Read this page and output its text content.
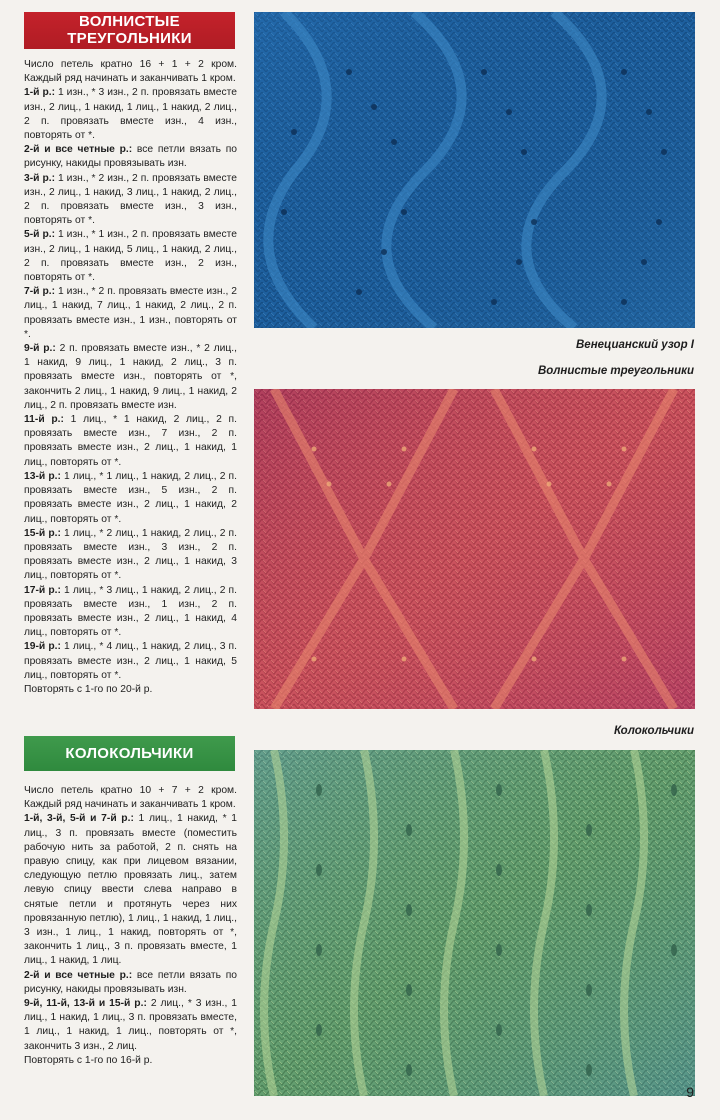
ВОЛНИСТЫЕ
ТРЕУГОЛЬНИКИ

Число петель кратно 16 + 1 + 2 кром. Каждый ряд начинать и заканчивать 1 кром.

1-й р.: 1 изн., * 3 изн., 2 п. провязать вместе изн., 2 лиц., 1 накид, 1 лиц., 1 накид, 2 лиц., 2 п. провязать вместе изн., 4 изн., повторять от *.

2-й и все четные р.: все петли вязать по рисунку, накиды провязывать изн.

3-й р.: 1 изн., * 2 изн., 2 п. провязать вместе изн., 2 лиц., 1 накид, 3 лиц., 1 накид, 2 лиц., 2 п. провязать вместе изн., 3 изн., повторять от *.

5-й р.: 1 изн., * 1 изн., 2 п. провязать вместе изн., 2 лиц., 1 накид, 5 лиц., 1 накид, 2 лиц., 2 п. провязать вместе изн., 2 изн., повторять от *.

7-й р.: 1 изн., * 2 п. провязать вместе изн., 2 лиц., 1 накид, 7 лиц., 1 накид, 2 лиц., 2 п. провязать вместе изн., 1 изн., повторять от *.

9-й р.: 2 п. провязать вместе изн., * 2 лиц., 1 накид, 9 лиц., 1 накид, 2 лиц., 3 п. провязать вместе изн., повторять от *, закончить 2 лиц., 1 накид, 9 лиц., 1 накид, 2 лиц., 2 п. провязать вместе изн.

11-й р.: 1 лиц., * 1 накид, 2 лиц., 2 п. провязать вместе изн., 7 изн., 2 п. провязать вместе изн., 2 лиц., 1 накид, 1 лиц., повторять от *.

13-й р.: 1 лиц., * 1 лиц., 1 накид, 2 лиц., 2 п. провязать вместе изн., 5 изн., 2 п. провязать вместе изн., 2 лиц., 1 накид, 2 лиц., повторять от *.

15-й р.: 1 лиц., * 2 лиц., 1 накид, 2 лиц., 2 п. провязать вместе изн., 3 изн., 2 п. провязать вместе изн., 2 лиц., 1 накид, 3 лиц., повторять от *.

17-й р.: 1 лиц., * 3 лиц., 1 накид, 2 лиц., 2 п. провязать вместе изн., 1 изн., 2 п. провязать вместе изн., 2 лиц., 1 накид, 4 лиц., повторять от *.

19-й р.: 1 лиц., * 4 лиц., 1 накид, 2 лиц., 3 п. провязать вместе изн., 2 лиц., 1 накид, 5 лиц., повторять от *.

Повторять с 1-го по 20-й р.

КОЛОКОЛЬЧИКИ

Число петель кратно 10 + 7 + 2 кром. Каждый ряд начинать и заканчивать 1 кром.

1-й, 3-й, 5-й и 7-й р.: 1 лиц., 1 накид, * 1 лиц., 3 п. провязать вместе (поместить рабочую нить за работой, 2 п. снять на правую спицу, как при лицевом вязании, следующую петлю провязать лиц., затем левую спицу ввести слева направо в снятые петли и протянуть через них провязанную петлю), 1 лиц., 1 накид, 1 лиц., 3 изн., 1 лиц., 1 накид, повторять от *, закончить 1 лиц., 3 п. провязать вместе, 1 лиц., 1 накид, 1 лиц.

2-й и все четные р.: все петли вязать по рисунку, накиды провязывать изн.

9-й, 11-й, 13-й и 15-й р.: 2 лиц., * 3 изн., 1 лиц., 1 накид, 1 лиц., 3 п. провязать вместе, 1 лиц., 1 накид, 1 лиц., повторять от *, закончить 3 изн., 2 лиц.

Повторять с 1-го по 16-й р.

Венецианский узор I
Волнистые треугольники
Колокольчики
9
